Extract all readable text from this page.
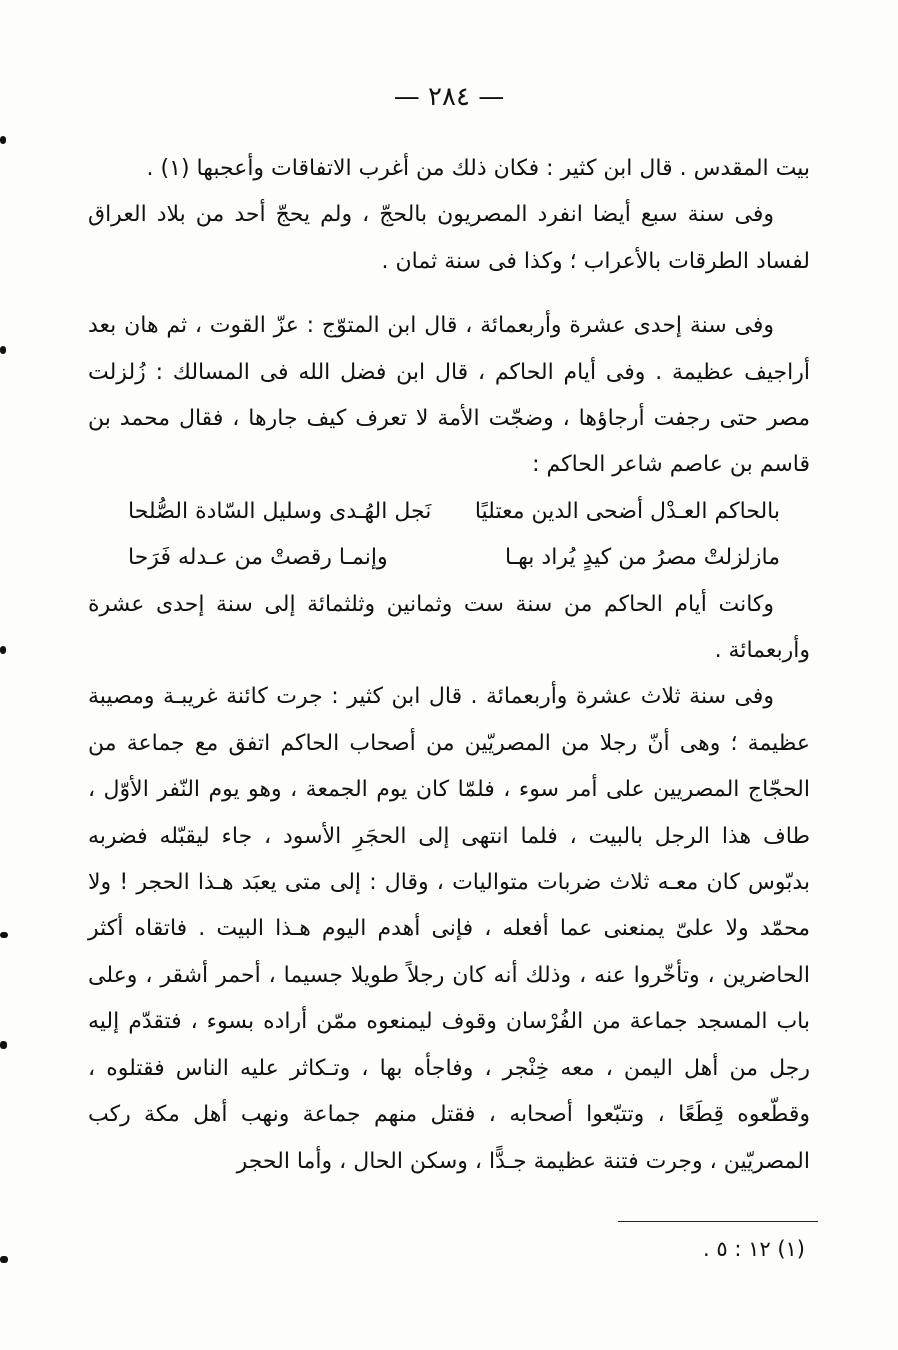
— ٢٨٤ —

بيت المقدس . قال ابن كثير : فكان ذلك من أغرب الاتفاقات وأعجبها (١) .

وفى سنة سبع أيضا انفرد المصريون بالحجّ ، ولم يحجّ أحد من بلاد العراق لفساد الطرقات بالأعراب ؛ وكذا فى سنة ثمان .

وفى سنة إحدى عشرة وأربعمائة ، قال ابن المتوّج : عزّ القوت ، ثم هان بعد أراجيف عظيمة . وفى أيام الحاكم ، قال ابن فضل الله فى المسالك : زُلزلت مصر حتى رجفت أرجاؤها ، وضجّت الأمة لا تعرف كيف جارها ، فقال محمد بن قاسم بن عاصم شاعر الحاكم :

بالحاكم العـدْل أضحى الدين معتليًا
نَجل الهُـدى وسليل السّادة الصُّلحا
مازلزلتْ مصرُ من كيدٍ يُراد بهـا
وإنمـا رقصتْ من عـدله فَرَحا

وكانت أيام الحاكم من سنة ست وثمانين وثلثمائة إلى سنة إحدى عشرة وأربعمائة .

وفى سنة ثلاث عشرة وأربعمائة . قال ابن كثير : جرت كائنة غريبـة ومصيبة عظيمة ؛ وهى أنّ رجلا من المصريّين من أصحاب الحاكم اتفق مع جماعة من الحجّاج المصريين على أمر سوء ، فلمّا كان يوم الجمعة ، وهو يوم النّفر الأوّل ، طاف هذا الرجل بالبيت ، فلما انتهى إلى الحجَرِ الأسود ، جاء ليقبّله فضربه بدبّوس كان معـه ثلاث ضربات متواليات ، وقال : إلى متى يعبَد هـذا الحجر ! ولا محمّد ولا علىّ يمنعنى عما أفعله ، فإنى أهدم اليوم هـذا البيت . فاتقاه أكثر الحاضرين ، وتأخّروا عنه ، وذلك أنه كان رجلاً طويلا جسيما ، أحمر أشقر ، وعلى باب المسجد جماعة من الفُرْسان وقوف ليمنعوه ممّن أراده بسوء ، فتقدّم إليه رجل من أهل اليمن ، معه خِنْجر ، وفاجأه بها ، وتـكاثر عليه الناس فقتلوه ، وقطّعوه قِطَعًا ، وتتبّعوا أصحابه ، فقتل منهم جماعة ونهب أهل مكة ركب المصريّين ، وجرت فتنة عظيمة جـدًّا ، وسكن الحال ، وأما الحجر

(١) ١٢ : ٥ .
